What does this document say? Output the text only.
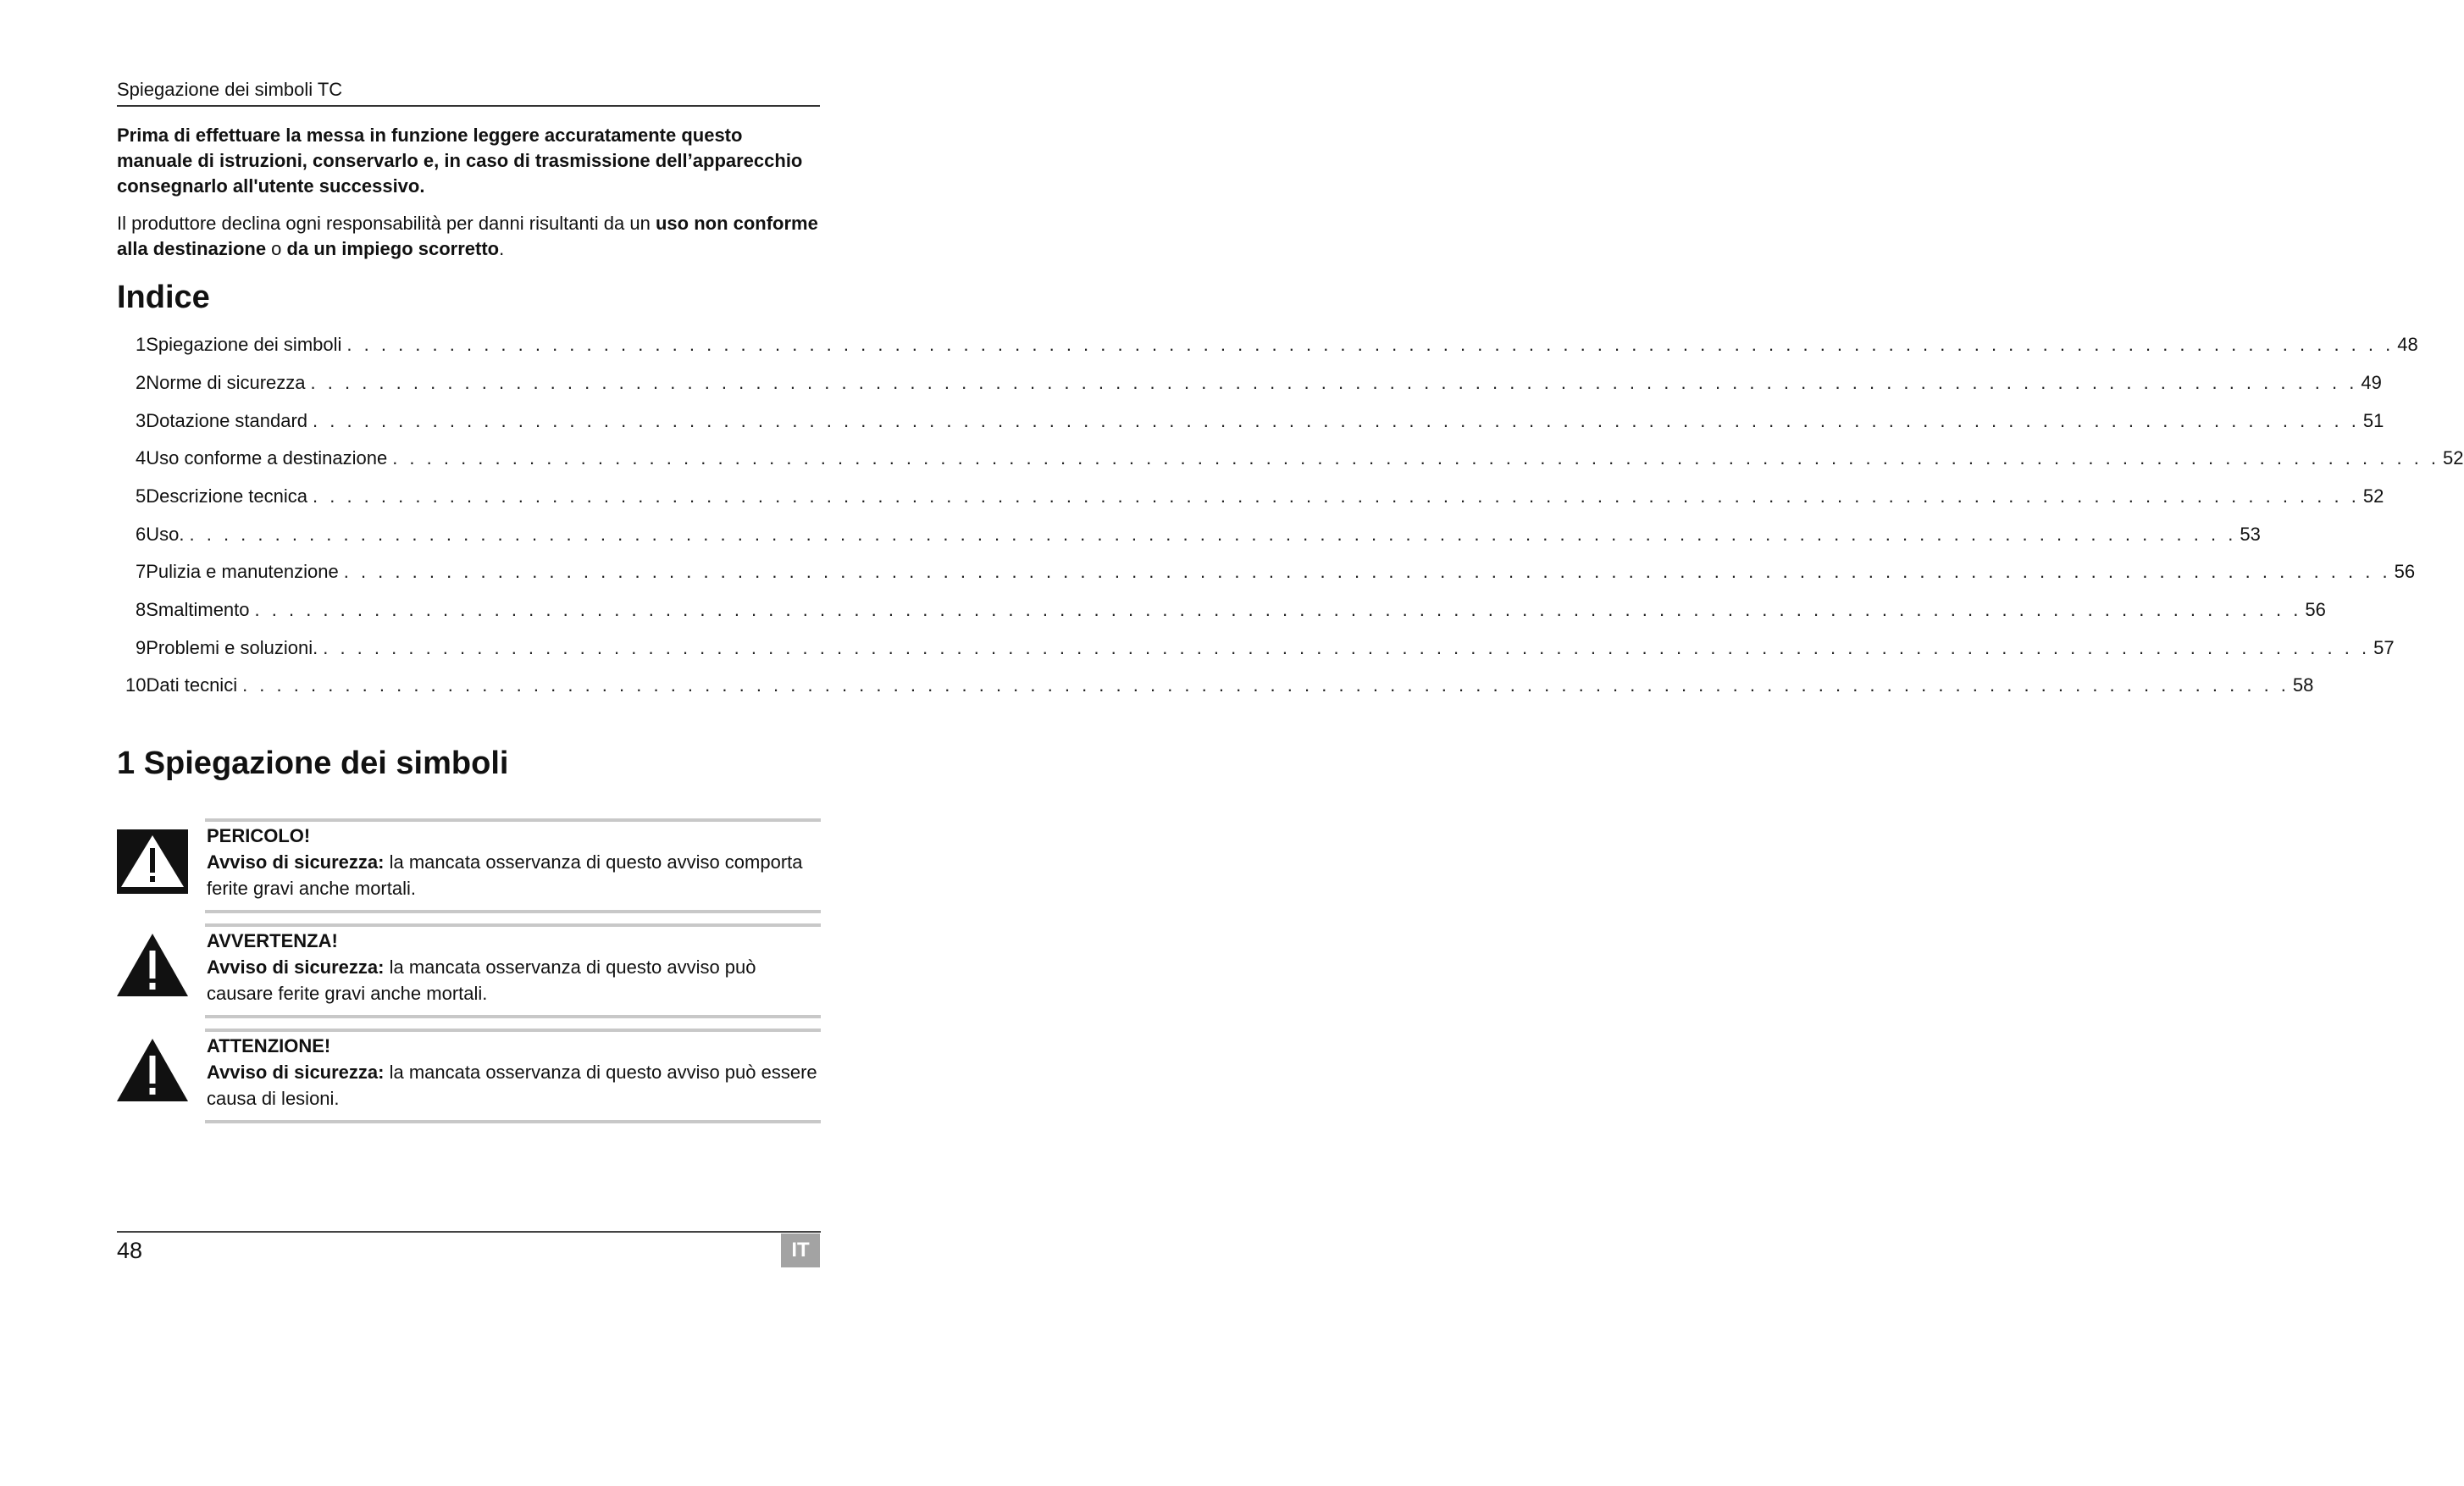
Spiegazione dei simboli TC

Prima di effettuare la messa in funzione leggere accuratamente questo manuale di istruzioni, conservarlo e, in caso di trasmissione dell’apparecchio consegnarlo all'utente successivo.

Il produttore declina ogni responsabilità per danni risultanti da un uso non conforme alla destinazione o da un impiego scorretto.

Indice
1 Spiegazione dei simboli . . . . . . . . . . . . . . . . . . . . . . . . . . . . . . . . . . . . . . . . . . . . . . . . . . . . . . . . . . . . . . . . . . . . . . . . . . . . . . . . . . . . . . . . . . . . . . . . . . . . . . . . . . . . . . . . . . . . . . . . 48
2 Norme di sicurezza . . . . . . . . . . . . . . . . . . . . . . . . . . . . . . . . . . . . . . . . . . . . . . . . . . . . . . . . . . . . . . . . . . . . . . . . . . . . . . . . . . . . . . . . . . . . . . . . . . . . . . . . . . . . . . . . . . . . . . . . 49
3 Dotazione standard . . . . . . . . . . . . . . . . . . . . . . . . . . . . . . . . . . . . . . . . . . . . . . . . . . . . . . . . . . . . . . . . . . . . . . . . . . . . . . . . . . . . . . . . . . . . . . . . . . . . . . . . . . . . . . . . . . . . . . . . 51
4 Uso conforme a destinazione . . . . . . . . . . . . . . . . . . . . . . . . . . . . . . . . . . . . . . . . . . . . . . . . . . . . . . . . . . . . . . . . . . . . . . . . . . . . . . . . . . . . . . . . . . . . . . . . . . . . . . . . . . . . . . . . . . . . . . . . 52
5 Descrizione tecnica . . . . . . . . . . . . . . . . . . . . . . . . . . . . . . . . . . . . . . . . . . . . . . . . . . . . . . . . . . . . . . . . . . . . . . . . . . . . . . . . . . . . . . . . . . . . . . . . . . . . . . . . . . . . . . . . . . . . . . . . 52
6 Uso. . . . . . . . . . . . . . . . . . . . . . . . . . . . . . . . . . . . . . . . . . . . . . . . . . . . . . . . . . . . . . . . . . . . . . . . . . . . . . . . . . . . . . . . . . . . . . . . . . . . . . . . . . . . . . . . . . . . . . . . . 53
7 Pulizia e manutenzione . . . . . . . . . . . . . . . . . . . . . . . . . . . . . . . . . . . . . . . . . . . . . . . . . . . . . . . . . . . . . . . . . . . . . . . . . . . . . . . . . . . . . . . . . . . . . . . . . . . . . . . . . . . . . . . . . . . . . . . . 56
8 Smaltimento . . . . . . . . . . . . . . . . . . . . . . . . . . . . . . . . . . . . . . . . . . . . . . . . . . . . . . . . . . . . . . . . . . . . . . . . . . . . . . . . . . . . . . . . . . . . . . . . . . . . . . . . . . . . . . . . . . . . . . . . 56
9 Problemi e soluzioni. . . . . . . . . . . . . . . . . . . . . . . . . . . . . . . . . . . . . . . . . . . . . . . . . . . . . . . . . . . . . . . . . . . . . . . . . . . . . . . . . . . . . . . . . . . . . . . . . . . . . . . . . . . . . . . . . . . . . . . . . 57
10 Dati tecnici . . . . . . . . . . . . . . . . . . . . . . . . . . . . . . . . . . . . . . . . . . . . . . . . . . . . . . . . . . . . . . . . . . . . . . . . . . . . . . . . . . . . . . . . . . . . . . . . . . . . . . . . . . . . . . . . . . . . . . . . 58
1 Spiegazione dei simboli
PERICOLO!
Avviso di sicurezza: la mancata osservanza di questo avviso comporta ferite gravi anche mortali.
AVVERTENZA!
Avviso di sicurezza: la mancata osservanza di questo avviso può causare ferite gravi anche mortali.
ATTENZIONE!
Avviso di sicurezza: la mancata osservanza di questo avviso può essere causa di lesioni.
48	IT
